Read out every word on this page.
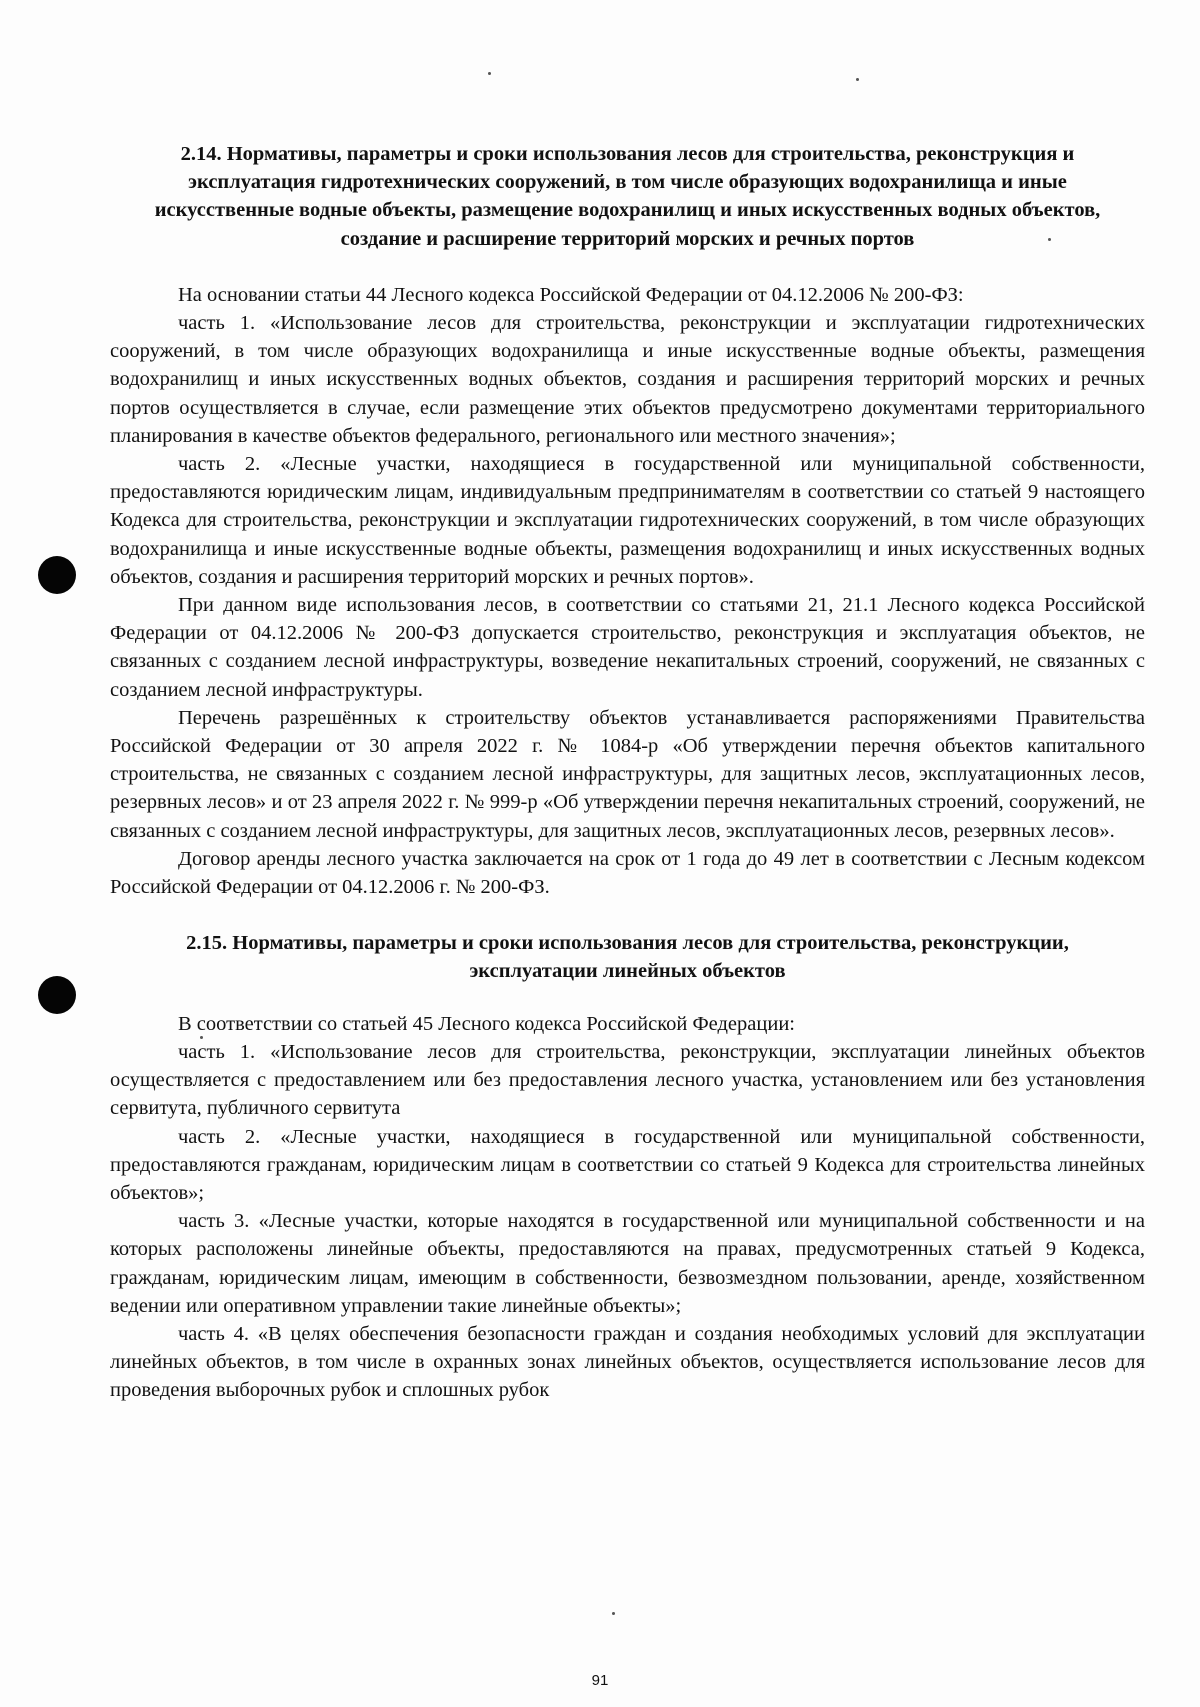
2.14. Нормативы, параметры и сроки использования лесов для строительства, реконструкция и эксплуатация гидротехнических сооружений, в том числе образующих водохранилища и иные искусственные водные объекты, размещение водохранилищ и иных искусственных водных объектов, создание и расширение территорий морских и речных портов

На основании статьи 44 Лесного кодекса Российской Федерации от 04.12.2006 № 200-ФЗ:

часть 1. «Использование лесов для строительства, реконструкции и эксплуатации гидротехнических сооружений, в том числе образующих водохранилища и иные искусственные водные объекты, размещения водохранилищ и иных искусственных водных объектов, создания и расширения территорий морских и речных портов осуществляется в случае, если размещение этих объектов предусмотрено документами территориального планирования в качестве объектов федерального, регионального или местного значения»;

часть 2. «Лесные участки, находящиеся в государственной или муниципальной собственности, предоставляются юридическим лицам, индивидуальным предпринимателям в соответствии со статьей 9 настоящего Кодекса для строительства, реконструкции и эксплуатации гидротехнических сооружений, в том числе образующих водохранилища и иные искусственные водные объекты, размещения водохранилищ и иных искусственных водных объектов, создания и расширения территорий морских и речных портов».

При данном виде использования лесов, в соответствии со статьями 21, 21.1 Лесного кодекса Российской Федерации от 04.12.2006 № 200-ФЗ допускается строительство, реконструкция и эксплуатация объектов, не связанных с созданием лесной инфраструктуры, возведение некапитальных строений, сооружений, не связанных с созданием лесной инфраструктуры.

Перечень разрешённых к строительству объектов устанавливается распоряжениями Правительства Российской Федерации от 30 апреля 2022 г. № 1084-р «Об утверждении перечня объектов капитального строительства, не связанных с созданием лесной инфраструктуры, для защитных лесов, эксплуатационных лесов, резервных лесов» и от 23 апреля 2022 г. № 999-р «Об утверждении перечня некапитальных строений, сооружений, не связанных с созданием лесной инфраструктуры, для защитных лесов, эксплуатационных лесов, резервных лесов».

Договор аренды лесного участка заключается на срок от 1 года до 49 лет в соответствии с Лесным кодексом Российской Федерации от 04.12.2006 г. № 200-ФЗ.

2.15. Нормативы, параметры и сроки использования лесов для строительства, реконструкции, эксплуатации линейных объектов

В соответствии со статьей 45 Лесного кодекса Российской Федерации:

часть 1. «Использование лесов для строительства, реконструкции, эксплуатации линейных объектов осуществляется с предоставлением или без предоставления лесного участка, установлением или без установления сервитута, публичного сервитута

часть 2. «Лесные участки, находящиеся в государственной или муниципальной собственности, предоставляются гражданам, юридическим лицам в соответствии со статьей 9 Кодекса для строительства линейных объектов»;

часть 3. «Лесные участки, которые находятся в государственной или муниципальной собственности и на которых расположены линейные объекты, предоставляются на правах, предусмотренных статьей 9 Кодекса, гражданам, юридическим лицам, имеющим в собственности, безвозмездном пользовании, аренде, хозяйственном ведении или оперативном управлении такие линейные объекты»;

часть 4. «В целях обеспечения безопасности граждан и создания необходимых условий для эксплуатации линейных объектов, в том числе в охранных зонах линейных объектов, осуществляется использование лесов для проведения выборочных рубок и сплошных рубок

91
